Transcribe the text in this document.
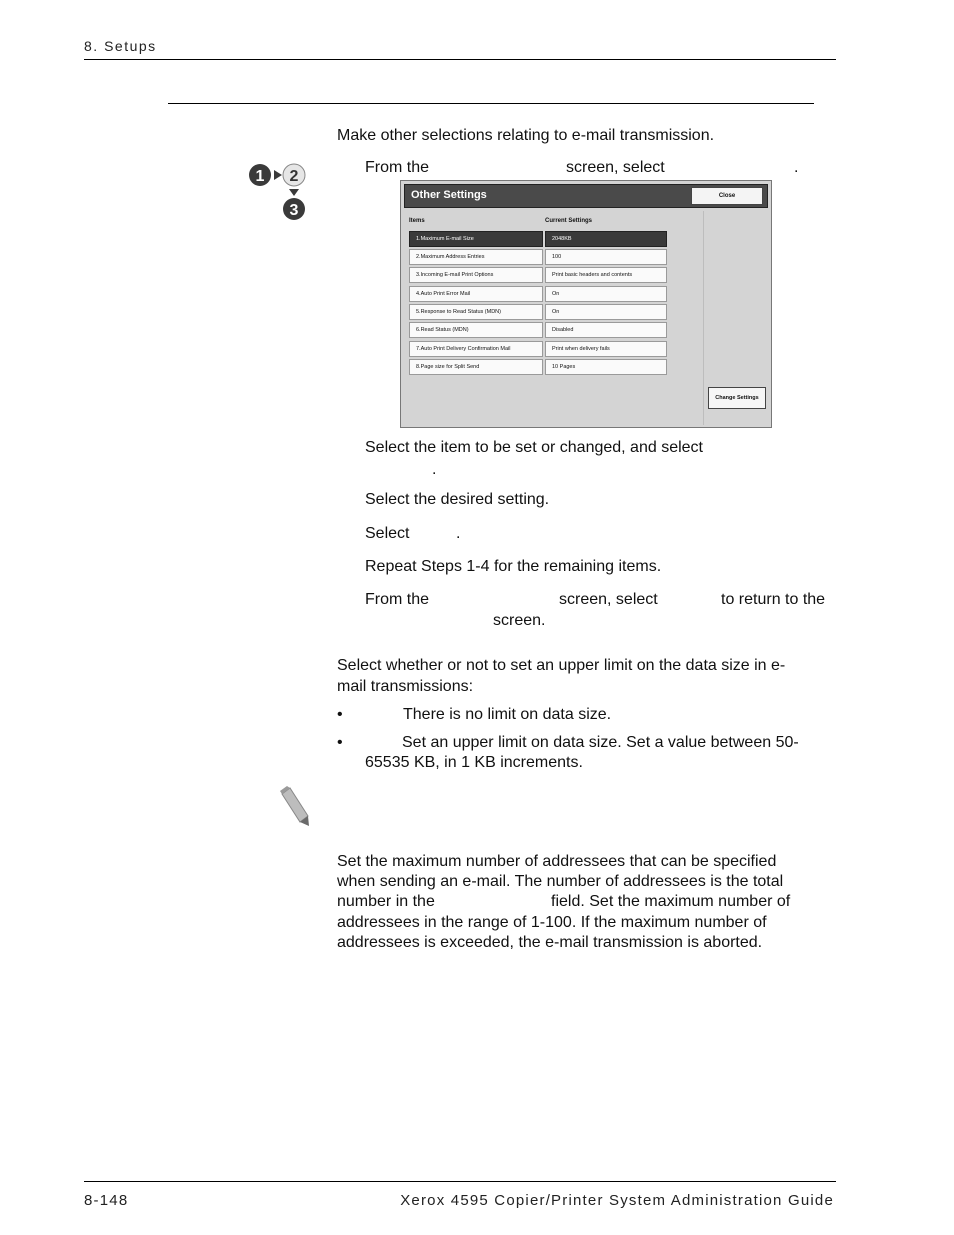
8. Setups
Make other selections relating to e-mail transmission.
1 2
3
From the	screen, select	.
Other Settings	Close
Items	Current Settings
1.Maximum E-mail Size	2048KB
2.Maximum Address Entries	100
3.Incoming E-mail Print Options	Print basic headers and contents
4.Auto Print Error Mail	On
5.Response to Read Status (MDN)	On
6.Read Status (MDN)	Disabled
7.Auto Print Delivery Confirmation Mail	Print when delivery fails
8.Page size for Split Send	10 Pages
Change Settings
Select the item to be set or changed, and select
.
Select the desired setting.
Select	.
Repeat Steps 1-4 for the remaining items.
From the	screen, select	to return to the
screen.
Select whether or not to set an upper limit on the data size in e-
mail transmissions:
•	There is no limit on data size.
•	Set an upper limit on data size. Set a value between 50-
65535 KB, in 1 KB increments.
Set the maximum number of addressees that can be specified
when sending an e-mail. The number of addressees is the total
number in the	field. Set the maximum number of
addressees in the range of 1-100. If the maximum number of
addressees is exceeded, the e-mail transmission is aborted.
8-148	Xerox 4595 Copier/Printer System Administration Guide
